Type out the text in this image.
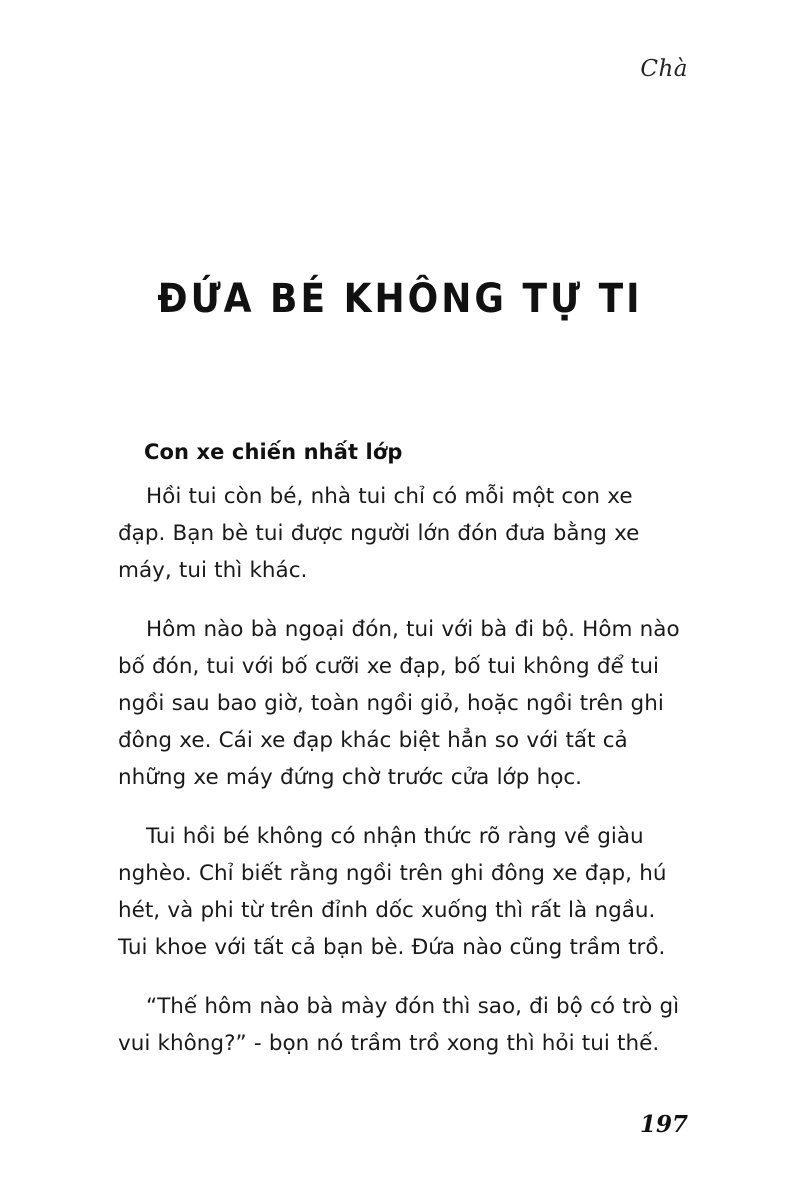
Chà
ĐỨA BÉ KHÔNG TỰ TI
Con xe chiến nhất lớp

Hồi tui còn bé, nhà tui chỉ có mỗi một con xe đạp. Bạn bè tui được người lớn đón đưa bằng xe máy, tui thì khác.

Hôm nào bà ngoại đón, tui với bà đi bộ. Hôm nào bố đón, tui với bố cưỡi xe đạp, bố tui không để tui ngồi sau bao giờ, toàn ngồi giỏ, hoặc ngồi trên ghi đông xe. Cái xe đạp khác biệt hẳn so với tất cả những xe máy đứng chờ trước cửa lớp học.

Tui hồi bé không có nhận thức rõ ràng về giàu nghèo. Chỉ biết rằng ngồi trên ghi đông xe đạp, hú hét, và phi từ trên đỉnh dốc xuống thì rất là ngầu. Tui khoe với tất cả bạn bè. Đứa nào cũng trầm trồ.

“Thế hôm nào bà mày đón thì sao, đi bộ có trò gì vui không?” - bọn nó trầm trồ xong thì hỏi tui thế.

197
